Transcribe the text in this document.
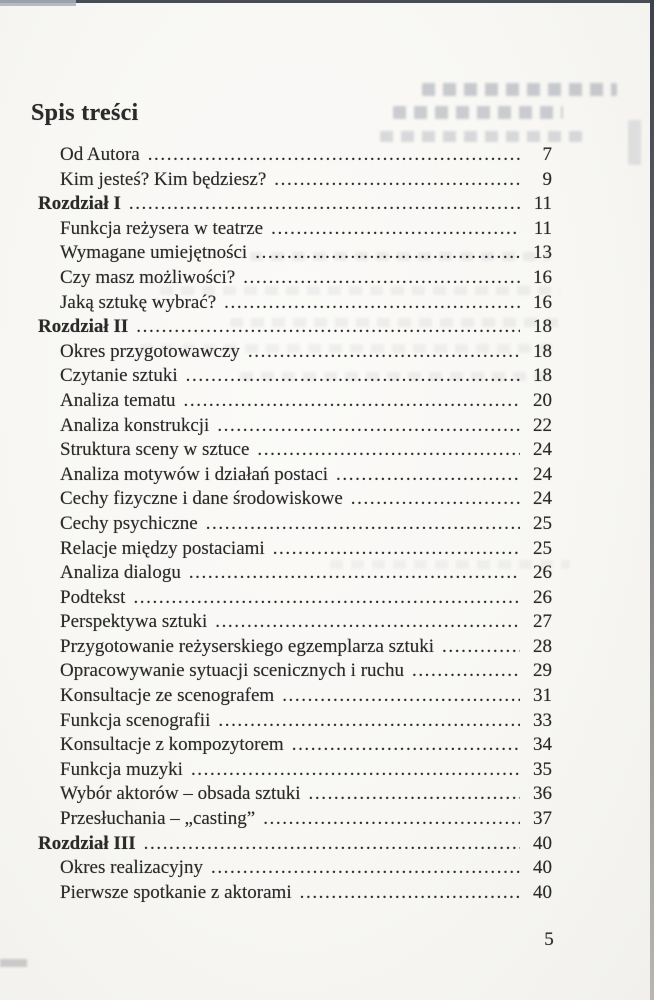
Spis treści
Od Autora .....	7
Kim jesteś? Kim będziesz? .....	9
Rozdział I .....	11
Funkcja reżysera w teatrze .....	11
Wymagane umiejętności .....	13
Czy masz możliwości? .....	16
Jaką sztukę wybrać? .....	16
Rozdział II .....	18
Okres przygotowawczy .....	18
Czytanie sztuki .....	18
Analiza tematu .....	20
Analiza konstrukcji .....	22
Struktura sceny w sztuce .....	24
Analiza motywów i działań postaci .....	24
Cechy fizyczne i dane środowiskowe .....	24
Cechy psychiczne .....	25
Relacje między postaciami .....	25
Analiza dialogu .....	26
Podtekst .....	26
Perspektywa sztuki .....	27
Przygotowanie reżyserskiego egzemplarza sztuki .....	28
Opracowywanie sytuacji scenicznych i ruchu .....	29
Konsultacje ze scenografem .....	31
Funkcja scenografii .....	33
Konsultacje z kompozytorem .....	34
Funkcja muzyki .....	35
Wybór aktorów – obsada sztuki .....	36
Przesłuchania – „casting” .....	37
Rozdział III .....	40
Okres realizacyjny .....	40
Pierwsze spotkanie z aktorami .....	40
5
